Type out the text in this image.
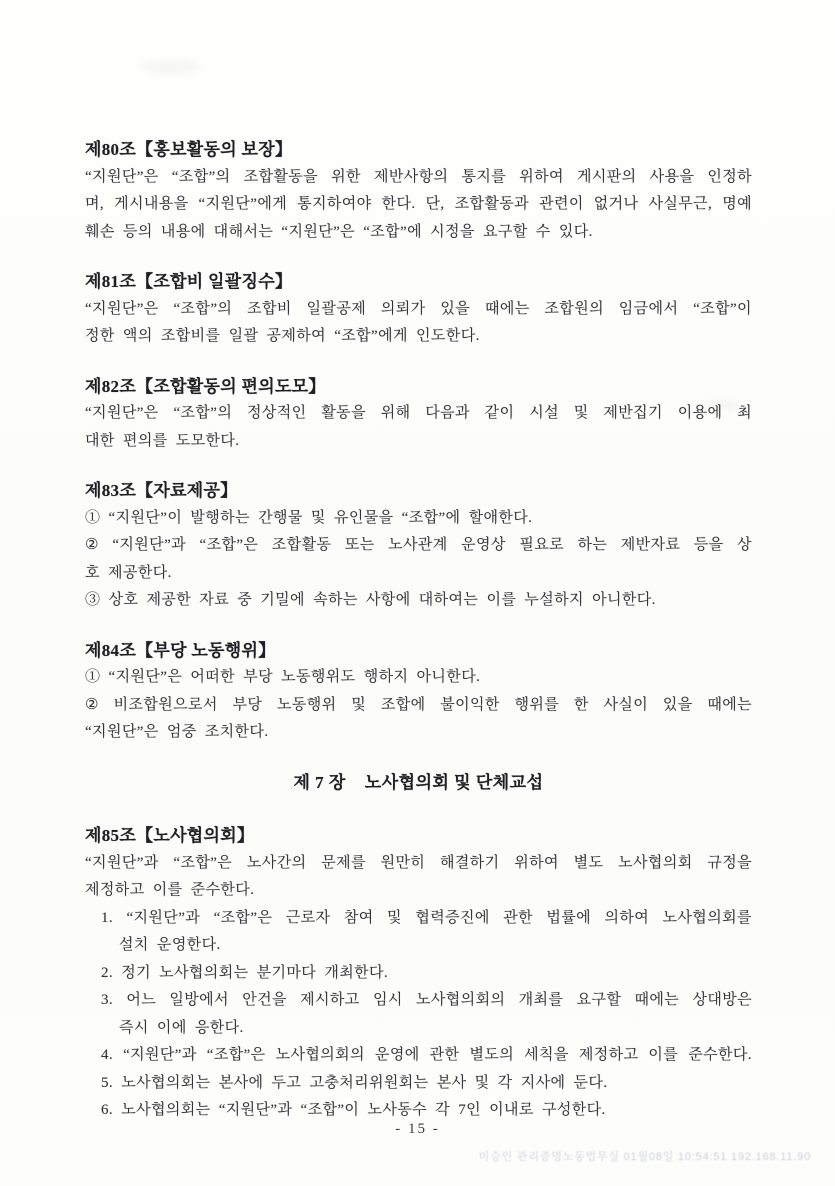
제80조【홍보활동의 보장】
“지원단”은 “조합”의 조합활동을 위한 제반사항의 통지를 위하여 게시판의 사용을 인정하
며, 게시내용을 “지원단”에게 통지하여야 한다. 단, 조합활동과 관련이 없거나 사실무근, 명예
훼손 등의 내용에 대해서는 “지원단”은 “조합”에 시정을 요구할 수 있다.
제81조【조합비 일괄징수】
“지원단”은 “조합”의 조합비 일괄공제 의뢰가 있을 때에는 조합원의 임금에서 “조합”이
정한 액의 조합비를 일괄 공제하여 “조합”에게 인도한다.
제82조【조합활동의 편의도모】
“지원단”은 “조합”의 정상적인 활동을 위해 다음과 같이 시설 및 제반집기 이용에 최
대한 편의를 도모한다.
제83조【자료제공】
① “지원단”이 발행하는 간행물 및 유인물을 “조합”에 할애한다.
② “지원단”과 “조합”은 조합활동 또는 노사관계 운영상 필요로 하는 제반자료 등을 상
호 제공한다.
③ 상호 제공한 자료 중 기밀에 속하는 사항에 대하여는 이를 누설하지 아니한다.
제84조【부당 노동행위】
① “지원단”은 어떠한 부당 노동행위도 행하지 아니한다.
② 비조합원으로서 부당 노동행위 및 조합에 불이익한 행위를 한 사실이 있을 때에는
“지원단”은 엄중 조치한다.
제 7 장    노사협의회 및 단체교섭
제85조【노사협의회】
“지원단”과 “조합”은 노사간의 문제를 원만히 해결하기 위하여 별도 노사협의회 규정을
제정하고 이를 준수한다.
1. “지원단”과 “조합”은 근로자 참여 및 협력증진에 관한 법률에 의하여 노사협의회를
설치 운영한다.
2. 정기 노사협의회는 분기마다 개최한다.
3. 어느 일방에서 안건을 제시하고 임시 노사협의회의 개최를 요구할 때에는 상대방은
즉시 이에 응한다.
4. “지원단”과 “조합”은 노사협의회의 운영에 관한 별도의 세칙을 제정하고 이를 준수한다.
5. 노사협의회는 본사에 두고 고충처리위원회는 본사 및 각 지사에 둔다.
6. 노사협의회는 “지원단”과 “조합”이 노사동수 각 7인 이내로 구성한다.
- 15 -
미승인 관리증명노동법무실 01월08일 10:54:51 192.168.11.90
